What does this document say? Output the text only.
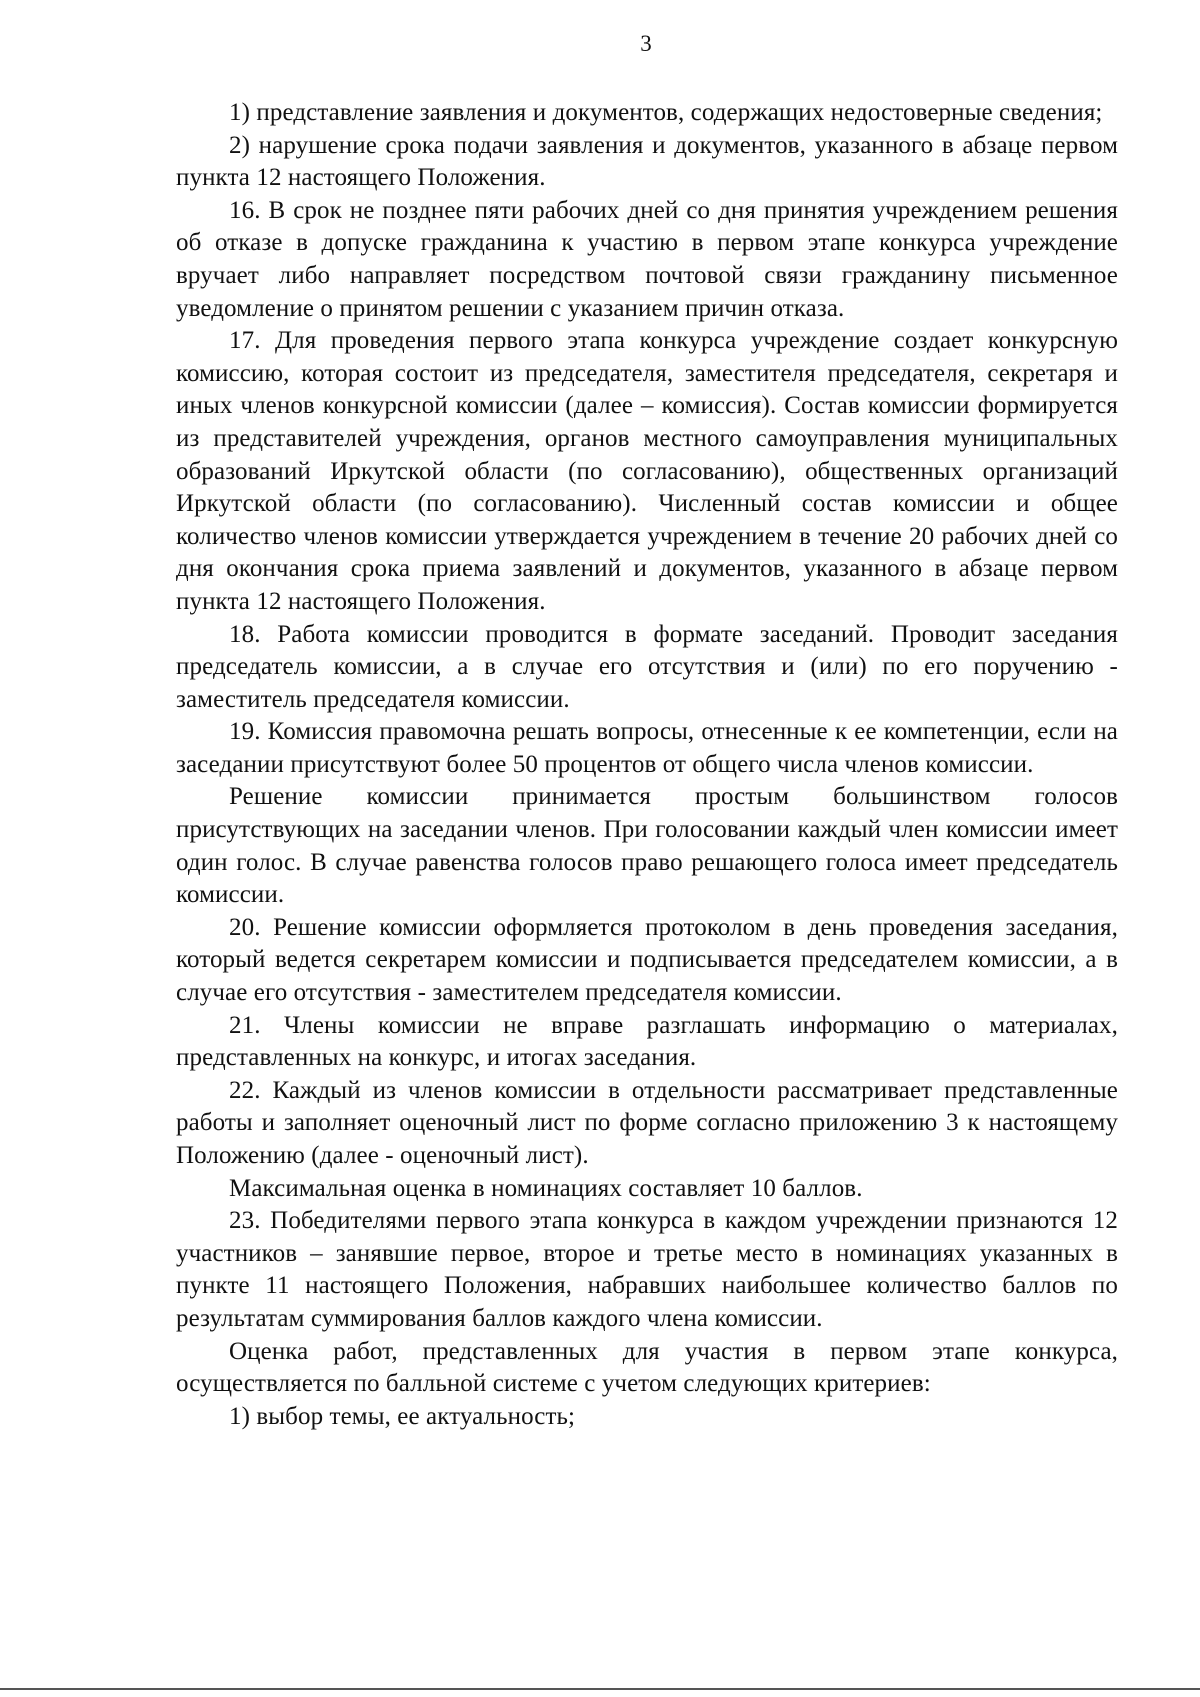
3

1) представление заявления и документов, содержащих недостоверные сведения;

2) нарушение срока подачи заявления и документов, указанного в абзаце первом пункта 12 настоящего Положения.

16. В срок не позднее пяти рабочих дней со дня принятия учреждением решения об отказе в допуске гражданина к участию в первом этапе конкурса учреждение вручает либо направляет посредством почтовой связи гражданину письменное уведомление о принятом решении с указанием причин отказа.

17. Для проведения первого этапа конкурса учреждение создает конкурсную комиссию, которая состоит из председателя, заместителя председателя, секретаря и иных членов конкурсной комиссии (далее – комиссия). Состав комиссии формируется из представителей учреждения, органов местного самоуправления муниципальных образований Иркутской области (по согласованию), общественных организаций Иркутской области (по согласованию). Численный состав комиссии и общее количество членов комиссии утверждается учреждением в течение 20 рабочих дней со дня окончания срока приема заявлений и документов, указанного в абзаце первом пункта 12 настоящего Положения.

18. Работа комиссии проводится в формате заседаний. Проводит заседания председатель комиссии, а в случае его отсутствия и (или) по его поручению - заместитель председателя комиссии.

19. Комиссия правомочна решать вопросы, отнесенные к ее компетенции, если на заседании присутствуют более 50 процентов от общего числа членов комиссии.

Решение комиссии принимается простым большинством голосов присутствующих на заседании членов. При голосовании каждый член комиссии имеет один голос. В случае равенства голосов право решающего голоса имеет председатель комиссии.

20. Решение комиссии оформляется протоколом в день проведения заседания, который ведется секретарем комиссии и подписывается председателем комиссии, а в случае его отсутствия - заместителем председателя комиссии.

21. Члены комиссии не вправе разглашать информацию о материалах, представленных на конкурс, и итогах заседания.

22. Каждый из членов комиссии в отдельности рассматривает представленные работы и заполняет оценочный лист по форме согласно приложению 3 к настоящему Положению (далее - оценочный лист).

Максимальная оценка в номинациях составляет 10 баллов.

23. Победителями первого этапа конкурса в каждом учреждении признаются 12 участников – занявшие первое, второе и третье место в номинациях указанных в пункте 11 настоящего Положения, набравших наибольшее количество баллов по результатам суммирования баллов каждого члена комиссии.

Оценка работ, представленных для участия в первом этапе конкурса, осуществляется по балльной системе с учетом следующих критериев:

1) выбор темы, ее актуальность;
